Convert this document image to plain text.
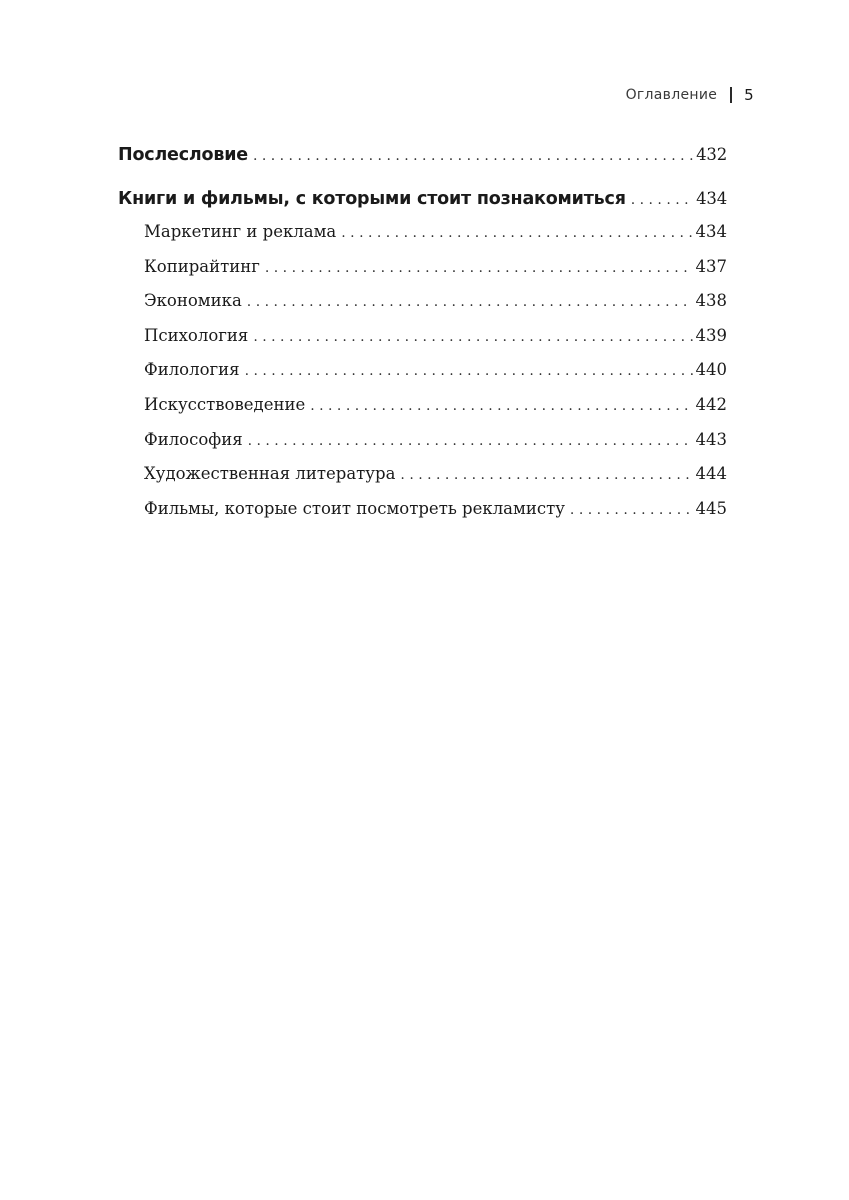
Оглавление 5
Послесловие . . .	432
Книги и фильмы, с которыми стоит познакомиться . . .	434
Маркетинг и реклама . . .	434
Копирайтинг . . .	437
Экономика . . .	438
Психология . . .	439
Филология . . .	440
Искусствоведение . . .	442
Философия . . .	443
Художественная литература . . .	444
Фильмы, которые стоит посмотреть рекламисту . . .	445
